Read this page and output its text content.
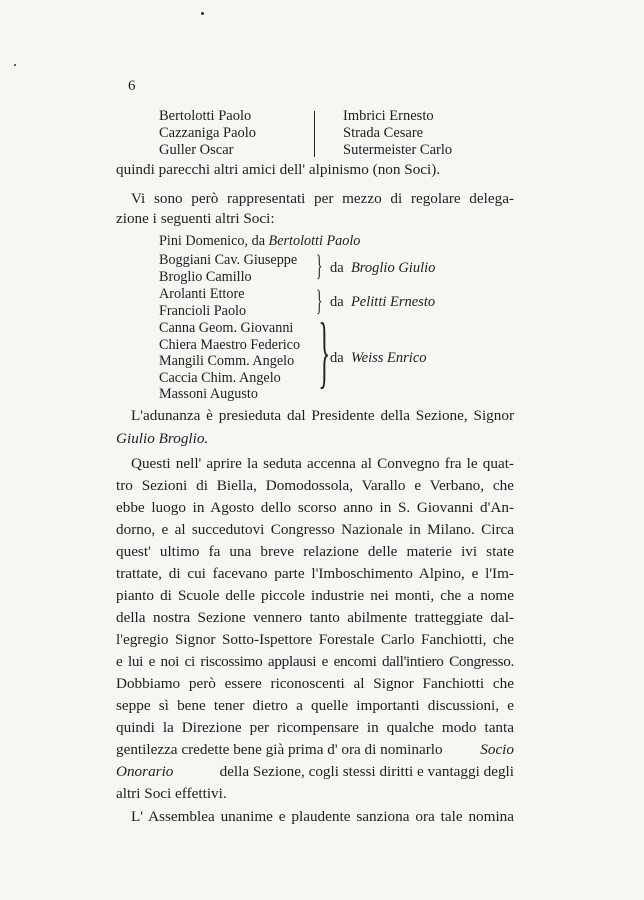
6
Bertolotti Paolo
Cazzaniga Paolo
Guller Oscar
Imbrici Ernesto
Strada Cesare
Sutermeister Carlo
quindi parecchi altri amici dell' alpinismo (non Soci).
Vi sono però rappresentati per mezzo di regolare delega-
zione i seguenti altri Soci:
Pini Domenico, da Bertolotti Paolo
Boggiani Cav. Giuseppe
Broglio Camillo	} da Broglio Giulio
Arolanti Ettore
Francioli Paolo } da Pelitti Ernesto
Canna Geom. Giovanni
Chiera Maestro Federico
Mangili Comm. Angelo
Caccia Chim. Angelo
Massoni Augusto } da Weiss Enrico
L'adunanza è presieduta dal Presidente della Sezione, Signor
Giulio Broglio.
Questi nell' aprire la seduta accenna al Convegno fra le quat-
tro Sezioni di Biella, Domodossola, Varallo e Verbano, che
ebbe luogo in Agosto dello scorso anno in S. Giovanni d'An-
dorno, e al succedutovi Congresso Nazionale in Milano. Circa
quest' ultimo fa una breve relazione delle materie ivi state
trattate, di cui facevano parte l'Imboschimento Alpino, e l'Im-
pianto di Scuole delle piccole industrie nei monti, che a nome
della nostra Sezione vennero tanto abilmente tratteggiate dal-
l'egregio Signor Sotto-Ispettore Forestale Carlo Fanchiotti, che
e lui e noi ci riscossimo applausi e encomi dall'intiero Congresso.
Dobbiamo però essere riconoscenti al Signor Fanchiotti che
seppe sì bene tener dietro a quelle importanti discussioni, e
quindi la Direzione per ricompensare in qualche modo tanta
gentilezza credette bene già prima d' ora di nominarlo Socio
Onorario	della Sezione, cogli stessi diritti e vantaggi degli
altri Soci effettivi.
L' Assemblea unanime e plaudente sanziona ora tale nomina
